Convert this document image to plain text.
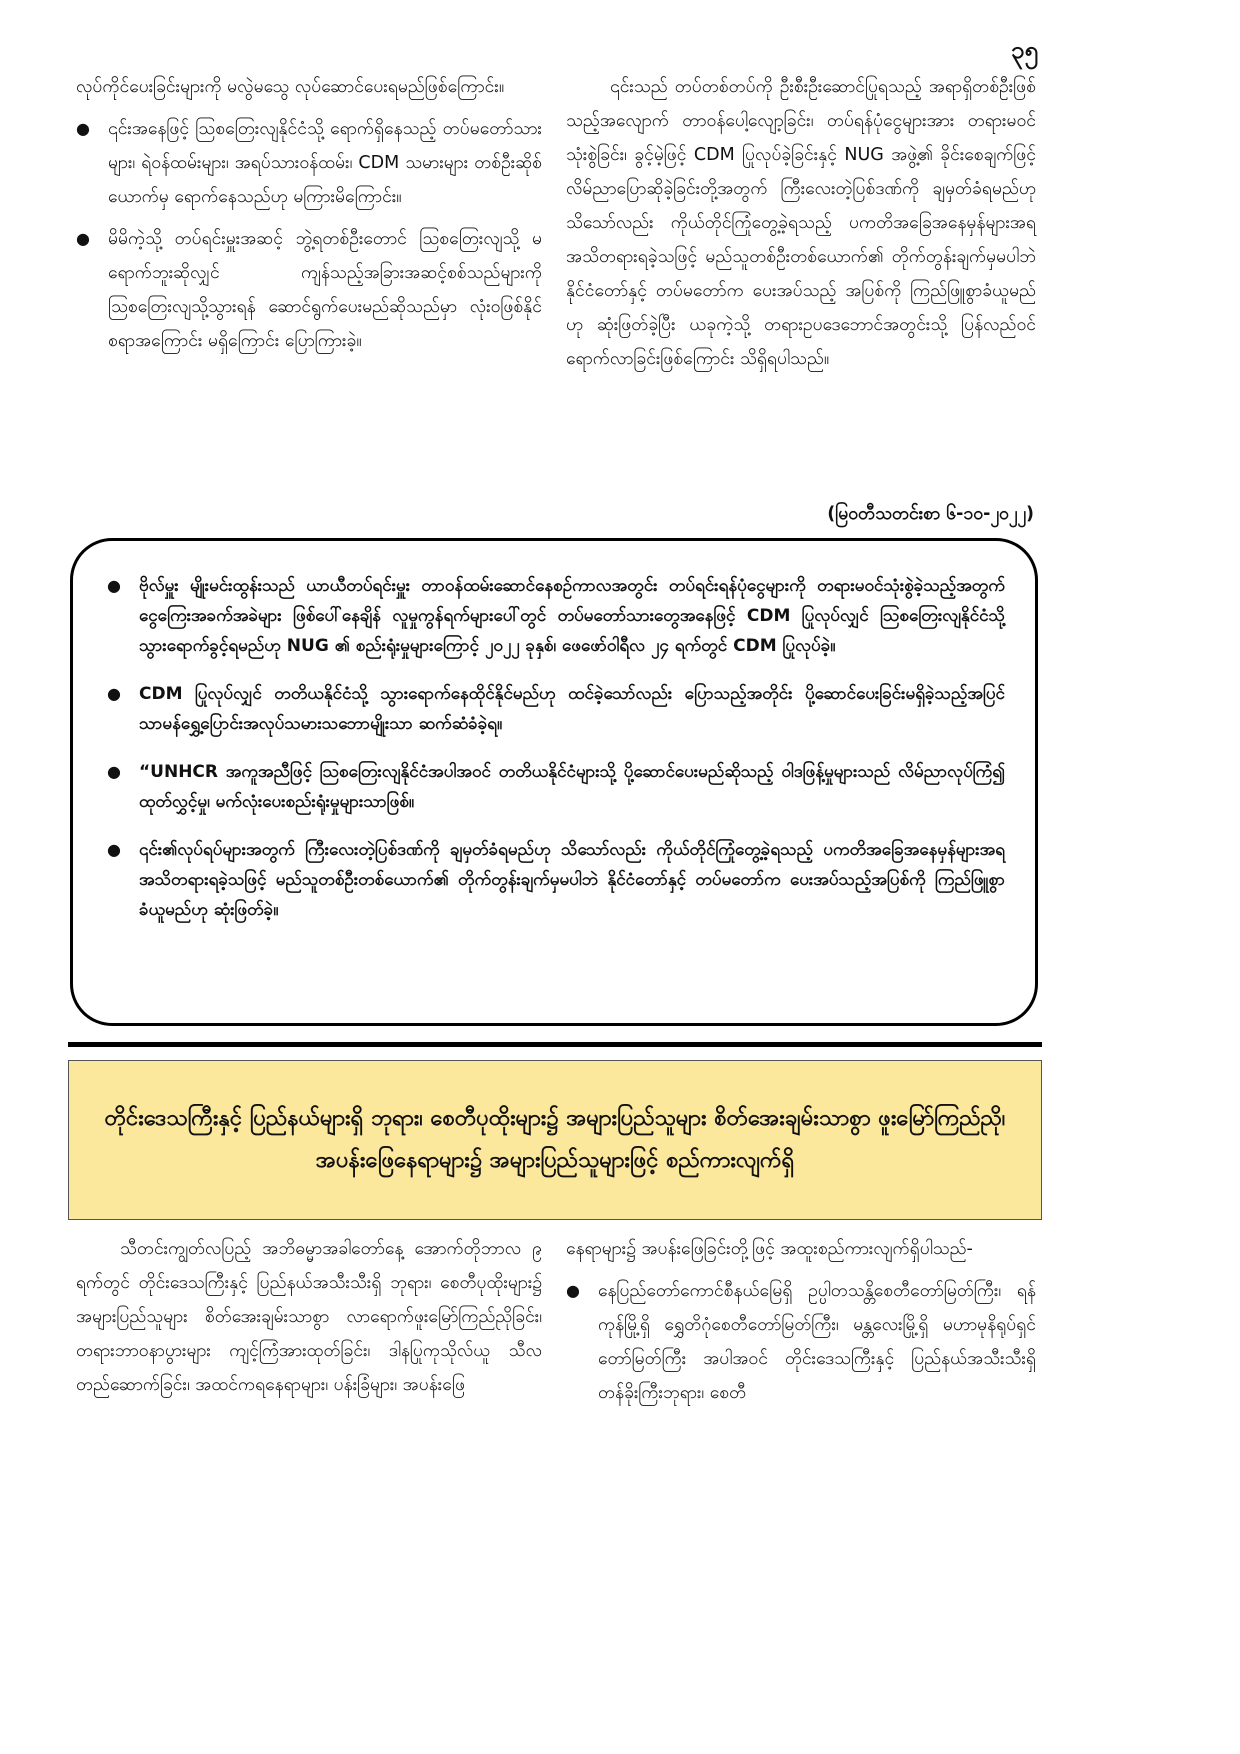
၃၅

လုပ်ကိုင်ပေးခြင်းများကို မလွဲမသွေ လုပ်ဆောင်ပေးရမည်ဖြစ်ကြောင်း။

● ၎င်းအနေဖြင့် ဩစတြေးလျနိုင်ငံသို့ ရောက်ရှိနေသည့် တပ်မတော်သားများ၊ ရဲဝန်ထမ်းများ၊ အရပ်သားဝန်ထမ်း၊ CDM သမားများ တစ်ဦးဆိုစ်ယောက်မှ ရောက်နေသည်ဟု မကြားမိကြောင်း။
● မိမိကဲ့သို့ တပ်ရင်းမှူးအဆင့် ဘွဲ့ရတစ်ဦးတောင် ဩစတြေးလျသို့ မရောက်ဘူးဆိုလျှင် ကျန်သည့်အခြားအဆင့်စစ်သည်များကို ဩစတြေးလျသို့သွားရန် ဆောင်ရွက်ပေးမည်ဆိုသည်မှာ လုံးဝဖြစ်နိုင်စရာအကြောင်း မရှိကြောင်း ပြောကြားခဲ့။

၎င်းသည် တပ်တစ်တပ်ကို ဦးစီးဦးဆောင်ပြုရသည့် အရာရှိတစ်ဦးဖြစ်သည့်အလျောက် တာဝန်ပေါ့လျော့ခြင်း၊ တပ်ရန်ပုံငွေများအား တရားမဝင်သုံးစွဲခြင်း၊ ခွင့်မဲ့ဖြင့် CDM ပြုလုပ်ခဲ့ခြင်းနှင့် NUG အဖွဲ့၏ ခိုင်းစေချက်ဖြင့် လိမ်ညာပြောဆိုခဲ့ခြင်းတို့အတွက် ကြီးလေးတဲ့ပြစ်ဒဏ်ကို ချမှတ်ခံရမည်ဟု သိသော်လည်း ကိုယ်တိုင်ကြုံတွေ့ခဲ့ရသည့် ပကတိအခြေအနေမှန်များအရ အသိတရားရခဲ့သဖြင့် မည်သူတစ်ဦးတစ်ယောက်၏ တိုက်တွန်းချက်မှမပါဘဲ နိုင်ငံတော်နှင့် တပ်မတော်က ပေးအပ်သည့် အပြစ်ကို ကြည်ဖြူစွာခံယူမည်ဟု ဆုံးဖြတ်ခဲ့ပြီး ယခုကဲ့သို့ တရားဥပဒေဘောင်အတွင်းသို့ ပြန်လည်ဝင်ရောက်လာခြင်းဖြစ်ကြောင်း သိရှိရပါသည်။

(မြဝတီသတင်းစာ ၆-၁၀-၂၀၂၂)
● ဗိုလ်မှူး မျိုးမင်းထွန်းသည် ယာယီတပ်ရင်းမှူး တာဝန်ထမ်းဆောင်နေစဉ်ကာလအတွင်း တပ်ရင်းရန်ပုံငွေများကို တရားမဝင်သုံးစွဲခဲ့သည့်အတွက် ငွေကြေးအခက်အခဲများ ဖြစ်ပေါ်နေချိန် လူမှုကွန်ရက်များပေါ်တွင် တပ်မတော်သားတွေအနေဖြင့် CDM ပြုလုပ်လျှင် ဩစတြေးလျနိုင်ငံသို့ သွားရောက်ခွင့်ရမည်ဟု NUG ၏ စည်းရုံးမှုများကြောင့် ၂၀၂၂ ခုနှစ်၊ ဖေဖော်ဝါရီလ ၂၄ ရက်တွင် CDM ပြုလုပ်ခဲ့။
● CDM ပြုလုပ်လျှင် တတိယနိုင်ငံသို့ သွားရောက်နေထိုင်နိုင်မည်ဟု ထင်ခဲ့သော်လည်း ပြောသည့်အတိုင်း ပို့ဆောင်ပေးခြင်းမရှိခဲ့သည့်အပြင် သာမန်ရွှေ့ပြောင်းအလုပ်သမားသဘောမျိုးသာ ဆက်ဆံခံခဲ့ရ။
● “UNHCR အကူအညီဖြင့် ဩစတြေးလျနိုင်ငံအပါအဝင် တတိယနိုင်ငံများသို့ ပို့ဆောင်ပေးမည်ဆိုသည့် ဝါဒဖြန့်မှုများသည် လိမ်ညာလုပ်ကြံ၍ ထုတ်လွှင့်မှု၊ မက်လုံးပေးစည်းရုံးမှုများသာဖြစ်။
● ၎င်း၏လုပ်ရပ်များအတွက် ကြီးလေးတဲ့ပြစ်ဒဏ်ကို ချမှတ်ခံရမည်ဟု သိသော်လည်း ကိုယ်တိုင်ကြုံတွေ့ခဲ့ရသည့် ပကတိအခြေအနေမှန်များအရ အသိတရားရခဲ့သဖြင့် မည်သူတစ်ဦးတစ်ယောက်၏ တိုက်တွန်းချက်မှမပါဘဲ နိုင်ငံတော်နှင့် တပ်မတော်က ပေးအပ်သည့်အပြစ်ကို ကြည်ဖြူစွာခံယူမည်ဟု ဆုံးဖြတ်ခဲ့။
တိုင်းဒေသကြီးနှင့် ပြည်နယ်များရှိ ဘုရား၊ စေတီပုထိုးများ၌ အများပြည်သူများ စိတ်အေးချမ်းသာစွာ ဖူးမြော်ကြည်ညို၊ အပန်းဖြေနေရာများ၌ အများပြည်သူများဖြင့် စည်ကားလျက်ရှိ

သီတင်းကျွတ်လပြည့် အဘိဓမ္မာအခါတော်နေ့ အောက်တိုဘာလ ၉ ရက်တွင် တိုင်းဒေသကြီးနှင့် ပြည်နယ်အသီးသီးရှိ ဘုရား၊ စေတီပုထိုးများ၌ အများပြည်သူများ စိတ်အေးချမ်းသာစွာ လာရောက်ဖူးမြော်ကြည်ညိုခြင်း၊ တရားဘာဝနာပွားများ ကျင့်ကြံအားထုတ်ခြင်း၊ ဒါနပြုကုသိုလ်ယူ သီလတည်ဆောက်ခြင်း၊ အထင်ကရနေရာများ၊ ပန်းခြံများ၊ အပန်းဖြေ

နေရာများ၌ အပန်းဖြေခြင်းတို့ဖြင့် အထူးစည်ကားလျက်ရှိပါသည်-

● နေပြည်တော်ကောင်စီနယ်မြေရှိ ဥပ္ပါတသန္တိစေတီတော်မြတ်ကြီး၊ ရန်ကုန်မြို့ရှိ ရွှေတိဂုံစေတီတော်မြတ်ကြီး၊ မန္တလေးမြို့ရှိ မဟာမုနိရုပ်ရှင်တော်မြတ်ကြီး အပါအဝင် တိုင်းဒေသကြီးနှင့် ပြည်နယ်အသီးသီးရှိ တန်ခိုးကြီးဘုရား၊ စေတီ
